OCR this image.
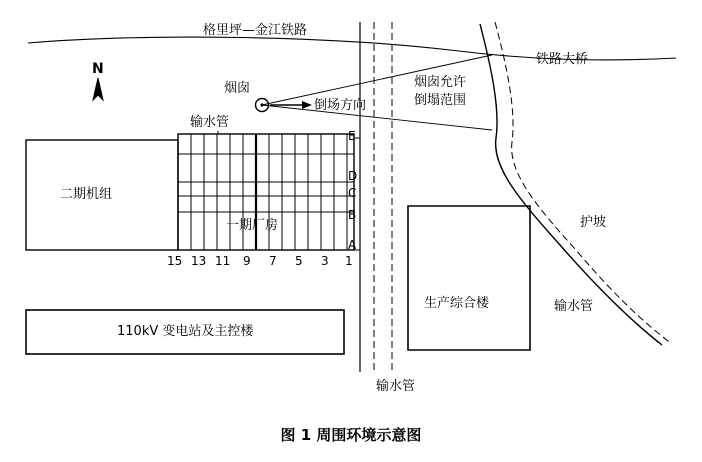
格里坪—金江铁路
铁路大桥
N
烟囱
倒场方向
烟囱允许
倒塌范围
输水管
二期机组
一期厂房
生产综合楼
110kV 变电站及主控楼
护坡
输水管
输水管
E
D
C
B
A
15 13 11 9 7 5 3 1
图 1 周围环境示意图
